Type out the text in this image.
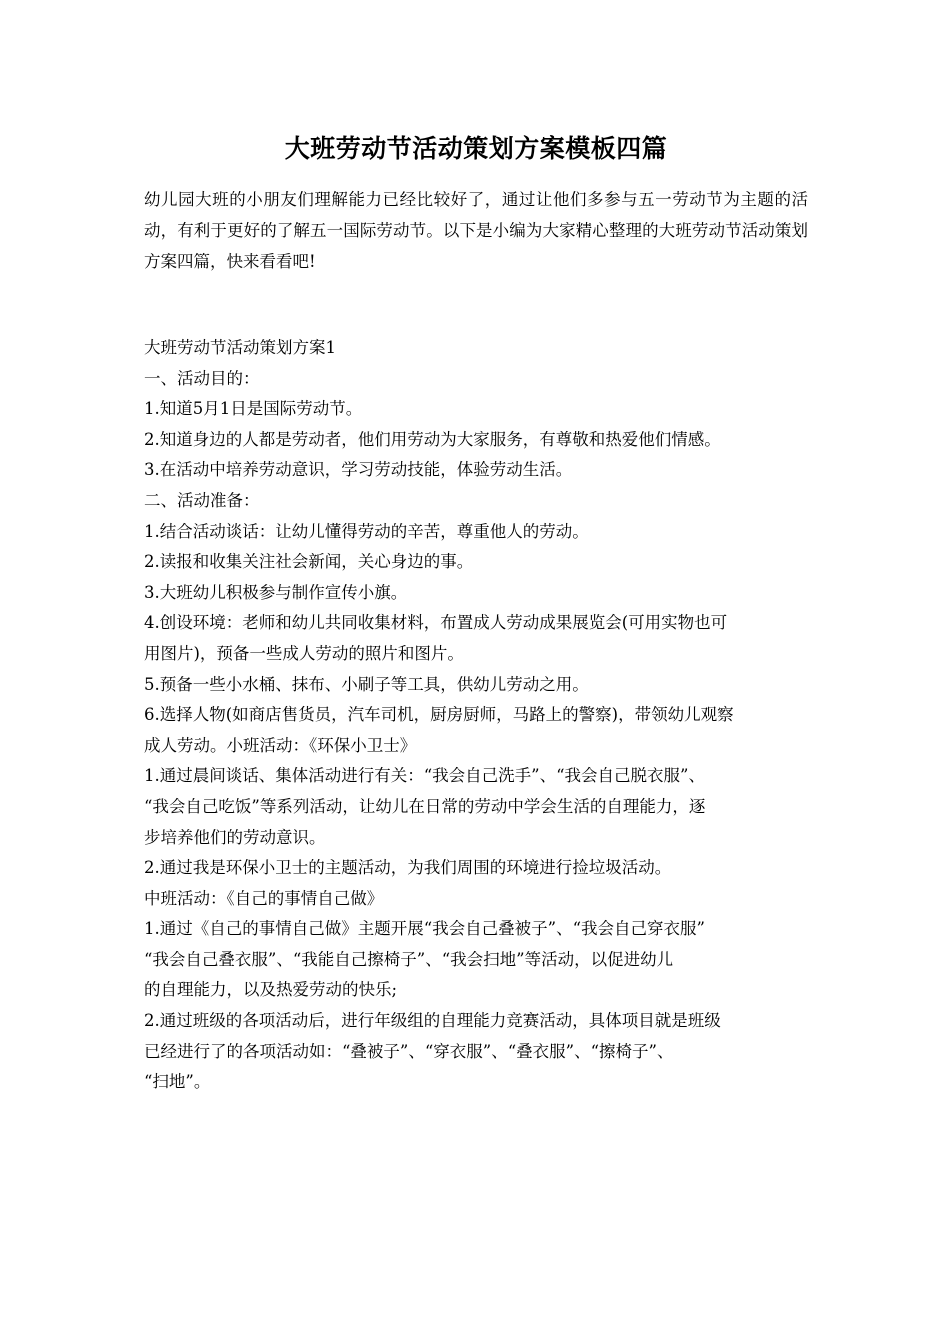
大班劳动节活动策划方案模板四篇
幼儿园大班的小朋友们理解能力已经比较好了，通过让他们多参与五一劳动节为主题的活动，有利于更好的了解五一国际劳动节。以下是小编为大家精心整理的大班劳动节活动策划方案四篇，快来看看吧!
大班劳动节活动策划方案1
一、活动目的：
1.知道5月1日是国际劳动节。
2.知道身边的人都是劳动者，他们用劳动为大家服务，有尊敬和热爱他们情感。
3.在活动中培养劳动意识，学习劳动技能，体验劳动生活。
二、活动准备：
1.结合活动谈话：让幼儿懂得劳动的辛苦，尊重他人的劳动。
2.读报和收集关注社会新闻，关心身边的事。
3.大班幼儿积极参与制作宣传小旗。
4.创设环境：老师和幼儿共同收集材料，布置成人劳动成果展览会(可用实物也可
用图片)，预备一些成人劳动的照片和图片。
5.预备一些小水桶、抹布、小刷子等工具，供幼儿劳动之用。
6.选择人物(如商店售货员，汽车司机，厨房厨师，马路上的警察)，带领幼儿观察
成人劳动。小班活动：《环保小卫士》
1.通过晨间谈话、集体活动进行有关：“我会自己洗手”、“我会自己脱衣服”、
“我会自己吃饭”等系列活动，让幼儿在日常的劳动中学会生活的自理能力，逐
步培养他们的劳动意识。
2.通过我是环保小卫士的主题活动，为我们周围的环境进行捡垃圾活动。
中班活动：《自己的事情自己做》
1.通过《自己的事情自己做》主题开展“我会自己叠被子”、“我会自己穿衣服”
“我会自己叠衣服”、“我能自己擦椅子”、“我会扫地”等活动，以促进幼儿
的自理能力，以及热爱劳动的快乐;
2.通过班级的各项活动后，进行年级组的自理能力竞赛活动，具体项目就是班级
已经进行了的各项活动如：“叠被子”、“穿衣服”、“叠衣服”、“擦椅子”、
“扫地”。
